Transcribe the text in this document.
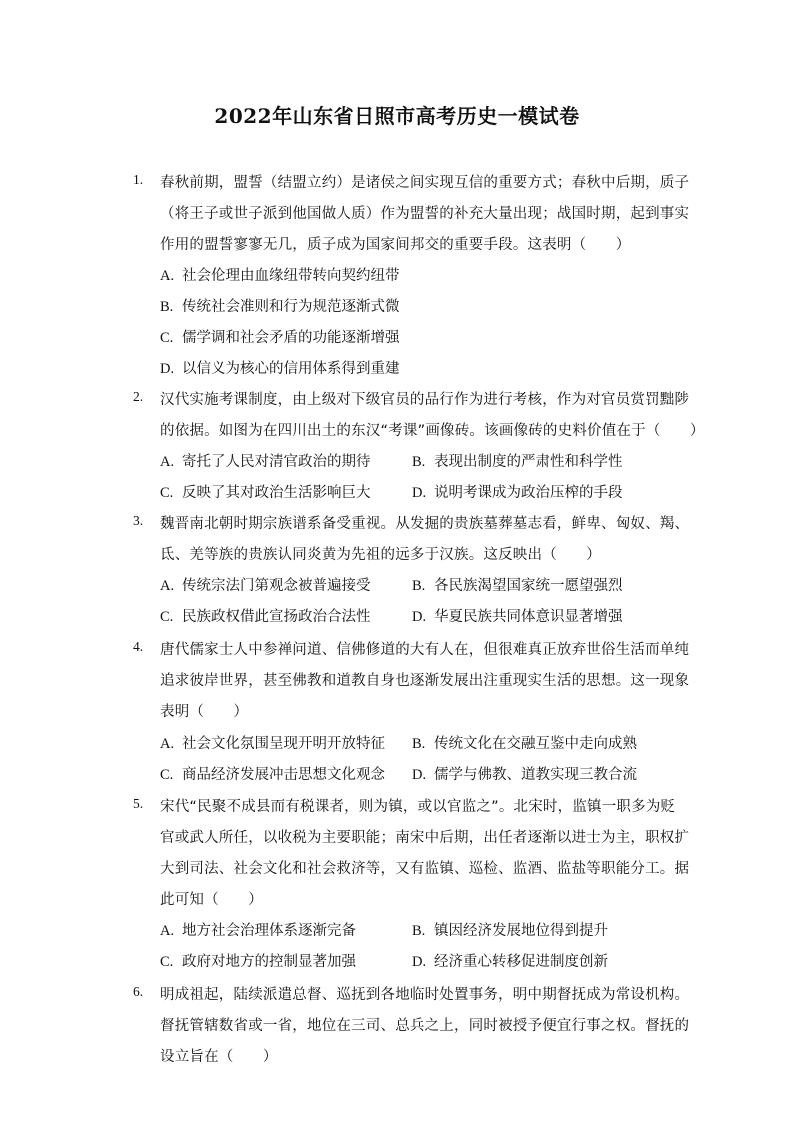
2022年山东省日照市高考历史一模试卷
1. 春秋前期，盟誓（结盟立约）是诸侯之间实现互信的重要方式；春秋中后期，质子
（将王子或世子派到他国做人质）作为盟誓的补充大量出现；战国时期，起到事实
作用的盟誓寥寥无几，质子成为国家间邦交的重要手段。这表明（　　）
A. 社会伦理由血缘纽带转向契约纽带
B. 传统社会准则和行为规范逐渐式微
C. 儒学调和社会矛盾的功能逐渐增强
D. 以信义为核心的信用体系得到重建
2. 汉代实施考课制度，由上级对下级官员的品行作为进行考核，作为对官员赏罚黜陟
的依据。如图为在四川出土的东汉“考课”画像砖。该画像砖的史料价值在于（　　）
A. 寄托了人民对清官政治的期待	B. 表现出制度的严肃性和科学性
C. 反映了其对政治生活影响巨大	D. 说明考课成为政治压榨的手段
3. 魏晋南北朝时期宗族谱系备受重视。从发掘的贵族墓葬墓志看，鲜卑、匈奴、羯、
氐、羌等族的贵族认同炎黄为先祖的远多于汉族。这反映出（　　）
A. 传统宗法门第观念被普遍接受	B. 各民族渴望国家统一愿望强烈
C. 民族政权借此宣扬政治合法性	D. 华夏民族共同体意识显著增强
4. 唐代儒家士人中参禅问道、信佛修道的大有人在，但很难真正放弃世俗生活而单纯
追求彼岸世界，甚至佛教和道教自身也逐渐发展出注重现实生活的思想。这一现象
表明（　　）
A. 社会文化氛围呈现开明开放特征 B. 传统文化在交融互鉴中走向成熟
C. 商品经济发展冲击思想文化观念 D. 儒学与佛教、道教实现三教合流
5. 宋代“民聚不成县而有税课者，则为镇，或以官监之”。北宋时，监镇一职多为贬
官或武人所任，以收税为主要职能；南宋中后期，出任者逐渐以进士为主，职权扩
大到司法、社会文化和社会救济等，又有监镇、巡检、监酒、监盐等职能分工。据
此可知（　　）
A. 地方社会治理体系逐渐完备	B. 镇因经济发展地位得到提升
C. 政府对地方的控制显著加强	D. 经济重心转移促进制度创新
6. 明成祖起，陆续派遣总督、巡抚到各地临时处置事务，明中期督抚成为常设机构。
督抚管辖数省或一省，地位在三司、总兵之上，同时被授予便宜行事之权。督抚的
设立旨在（　　）
